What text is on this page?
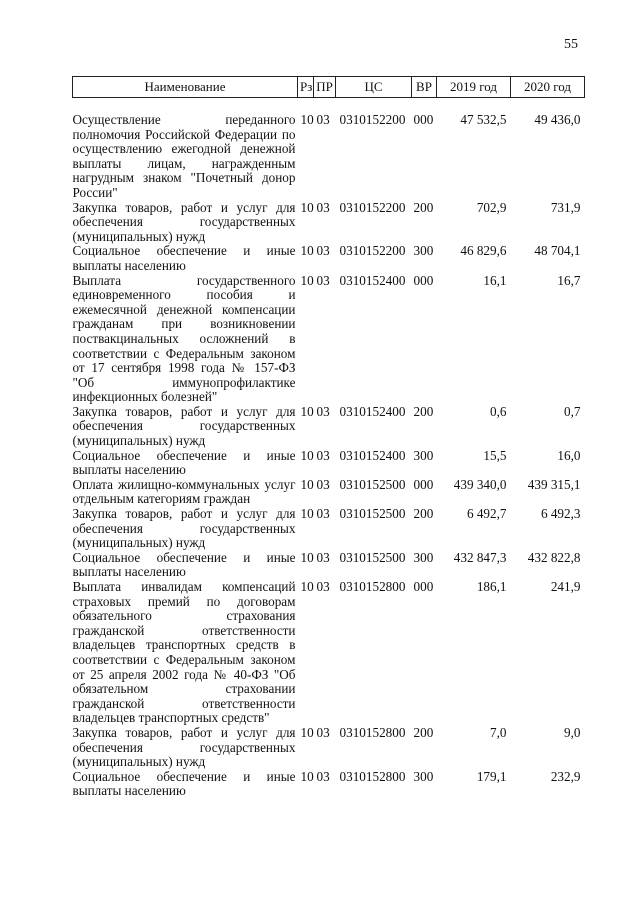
55
Наименование	Рз	ПР	ЦС	ВР	2019 год	2020 год
Осуществление переданного полномочия Российской Федерации по осуществлению ежегодной денежной выплаты лицам, награжденным нагрудным знаком "Почетный донор России"	10	03	0310152200	000	47 532,5	49 436,0
Закупка товаров, работ и услуг для обеспечения государственных (муниципальных) нужд	10	03	0310152200	200	702,9	731,9
Социальное обеспечение и иные выплаты населению	10	03	0310152200	300	46 829,6	48 704,1
Выплата государственного единовременного пособия и ежемесячной денежной компенсации гражданам при возникновении поствакцинальных осложнений в соответствии с Федеральным законом от 17 сентября 1998 года № 157-ФЗ "Об иммунопрофилактике инфекционных болезней"	10	03	0310152400	000	16,1	16,7
Закупка товаров, работ и услуг для обеспечения государственных (муниципальных) нужд	10	03	0310152400	200	0,6	0,7
Социальное обеспечение и иные выплаты населению	10	03	0310152400	300	15,5	16,0
Оплата жилищно-коммунальных услуг отдельным категориям граждан	10	03	0310152500	000	439 340,0	439 315,1
Закупка товаров, работ и услуг для обеспечения государственных (муниципальных) нужд	10	03	0310152500	200	6 492,7	6 492,3
Социальное обеспечение и иные выплаты населению	10	03	0310152500	300	432 847,3	432 822,8
Выплата инвалидам компенсаций страховых премий по договорам обязательного страхования гражданской ответственности владельцев транспортных средств в соответствии с Федеральным законом от 25 апреля 2002 года № 40-ФЗ "Об обязательном страховании гражданской ответственности владельцев транспортных средств"	10	03	0310152800	000	186,1	241,9
Закупка товаров, работ и услуг для обеспечения государственных (муниципальных) нужд	10	03	0310152800	200	7,0	9,0
Социальное обеспечение и иные выплаты населению	10	03	0310152800	300	179,1	232,9
